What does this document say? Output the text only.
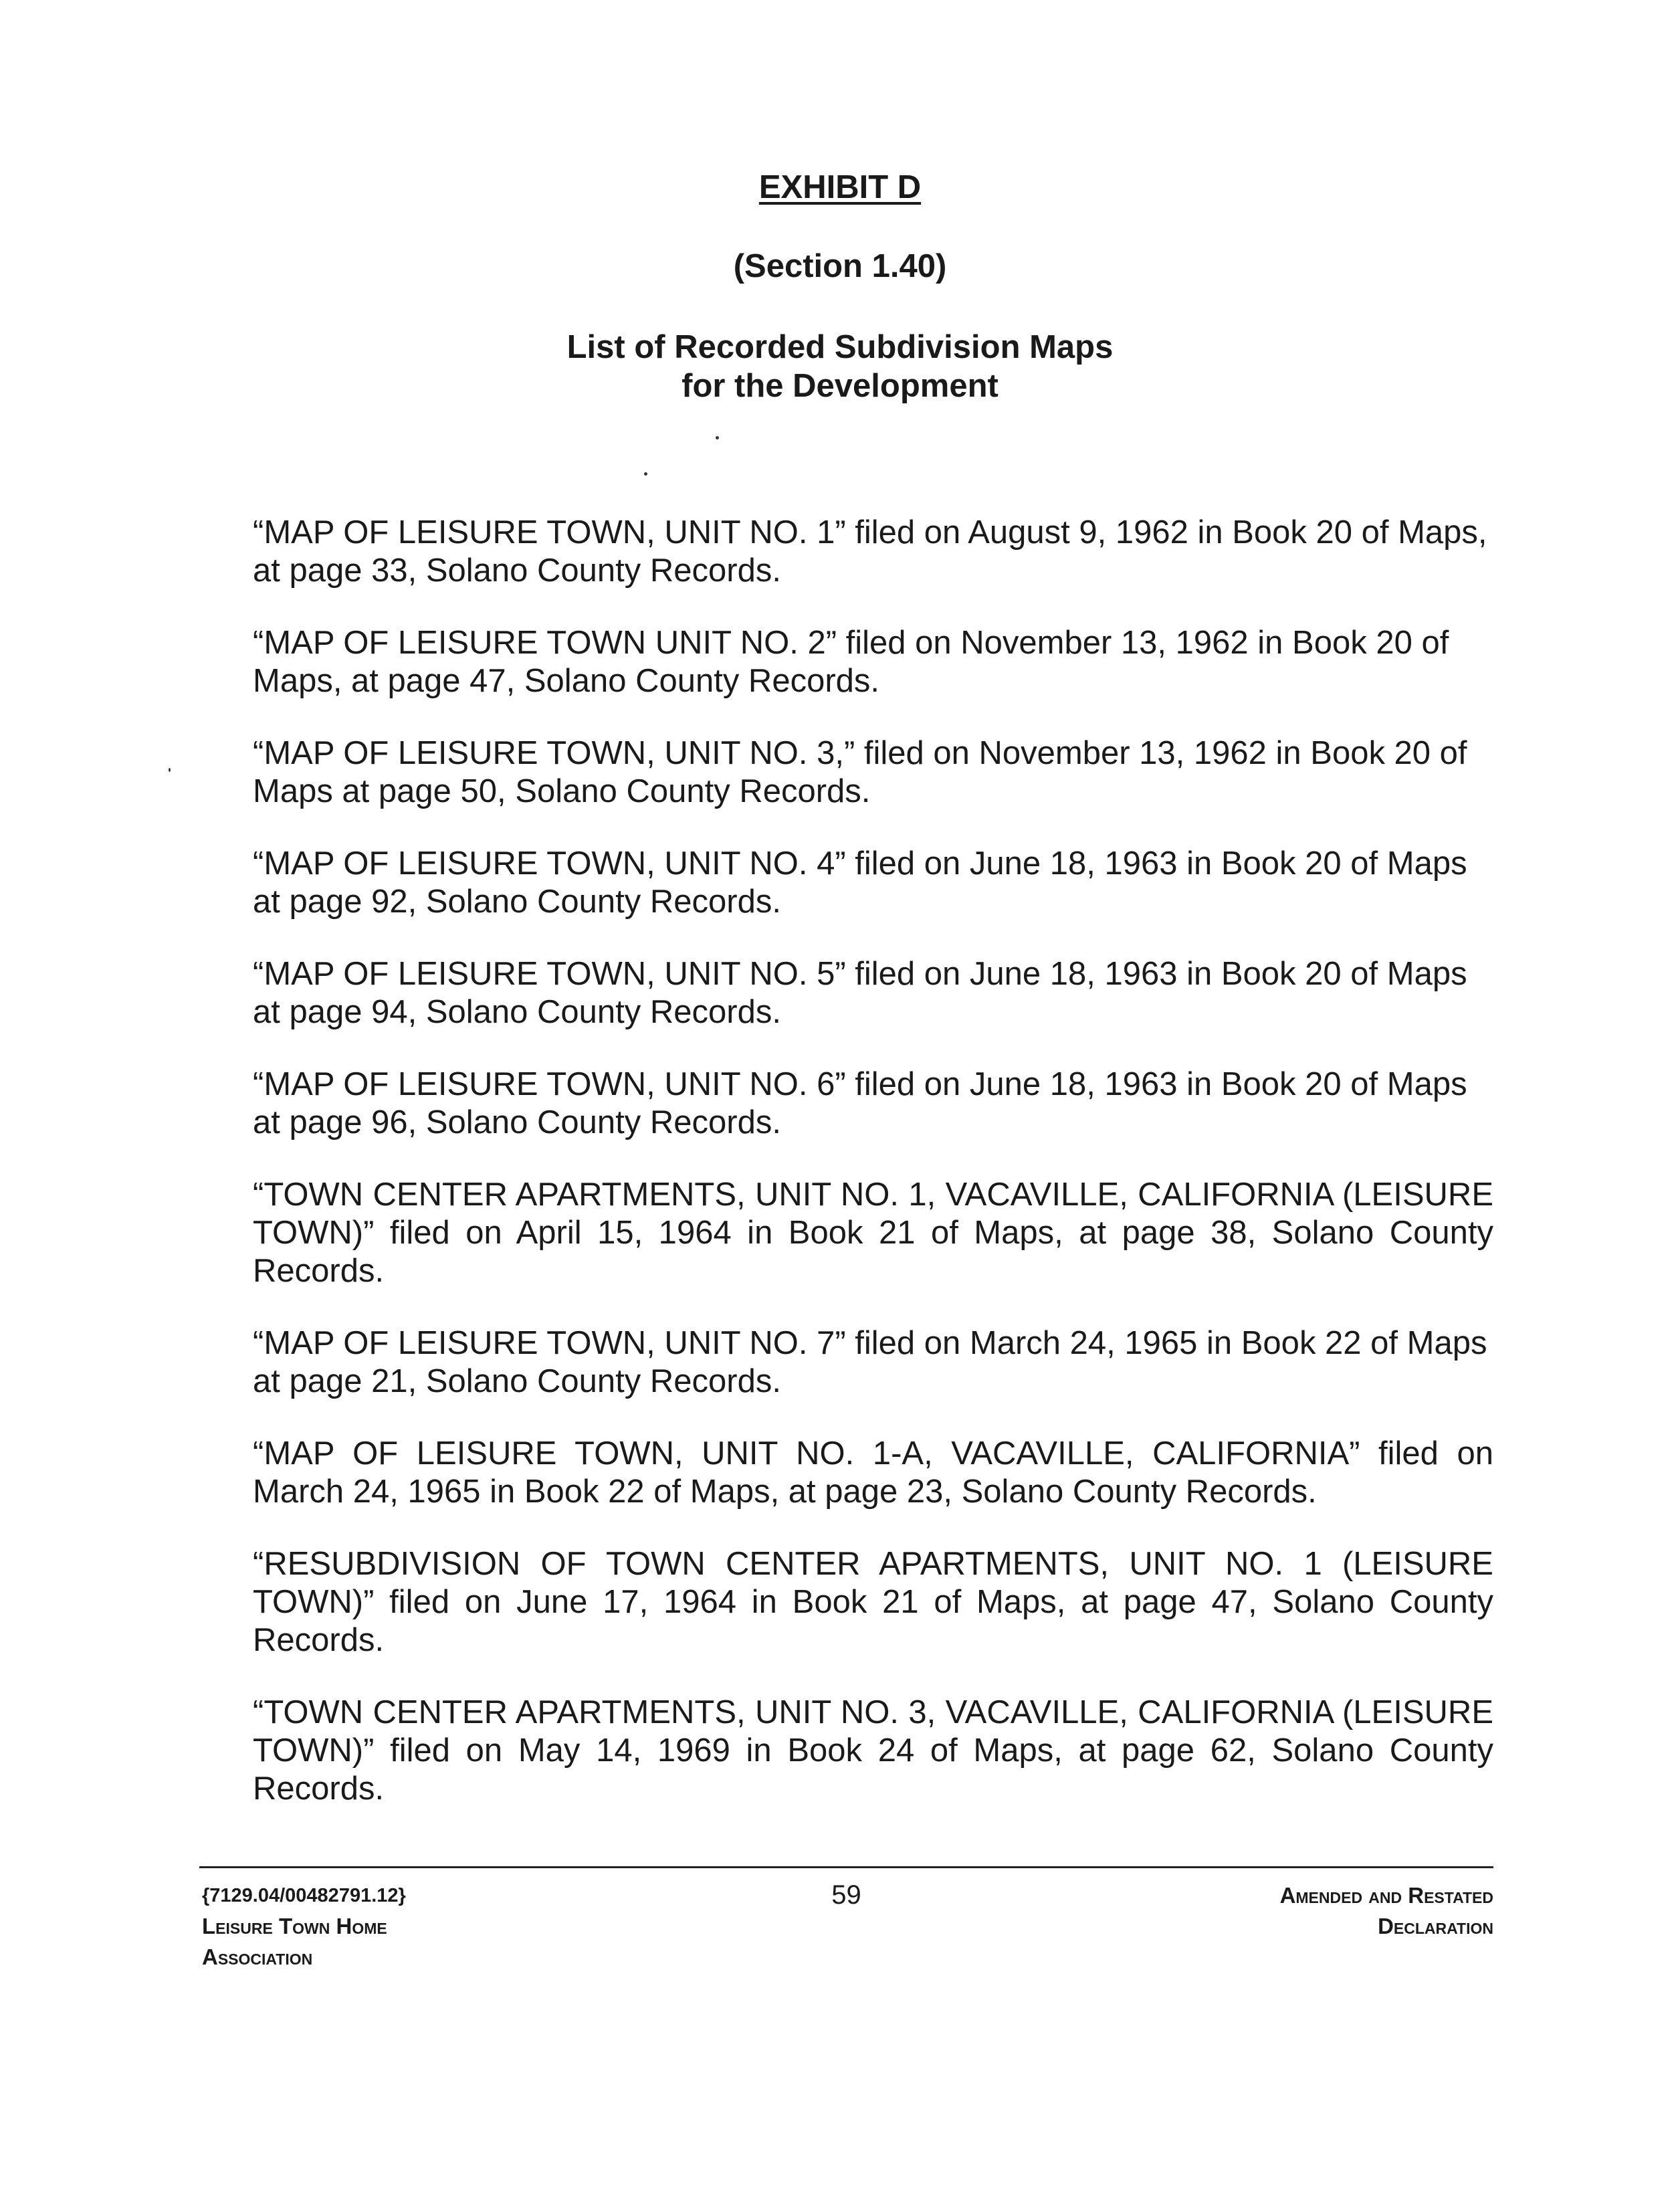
EXHIBIT D
(Section 1.40)
List of Recorded Subdivision Maps
for the Development

“MAP OF LEISURE TOWN, UNIT NO. 1” filed on August 9, 1962 in Book 20 of Maps, at page 33, Solano County Records.

“MAP OF LEISURE TOWN UNIT NO. 2” filed on November 13, 1962 in Book 20 of Maps, at page 47, Solano County Records.

“MAP OF LEISURE TOWN, UNIT NO. 3,” filed on November 13, 1962 in Book 20 of Maps at page 50, Solano County Records.

“MAP OF LEISURE TOWN, UNIT NO. 4” filed on June 18, 1963 in Book 20 of Maps at page 92, Solano County Records.

“MAP OF LEISURE TOWN, UNIT NO. 5” filed on June 18, 1963 in Book 20 of Maps at page 94, Solano County Records.

“MAP OF LEISURE TOWN, UNIT NO. 6” filed on June 18, 1963 in Book 20 of Maps at page 96, Solano County Records.

“TOWN CENTER APARTMENTS, UNIT NO. 1, VACAVILLE, CALIFORNIA (LEISURE TOWN)” filed on April 15, 1964 in Book 21 of Maps, at page 38, Solano County Records.

“MAP OF LEISURE TOWN, UNIT NO. 7” filed on March 24, 1965 in Book 22 of Maps at page 21, Solano County Records.

“MAP OF LEISURE TOWN, UNIT NO. 1-A, VACAVILLE, CALIFORNIA” filed on March 24, 1965 in Book 22 of Maps, at page 23, Solano County Records.

“RESUBDIVISION OF TOWN CENTER APARTMENTS, UNIT NO. 1 (LEISURE TOWN)” filed on June 17, 1964 in Book 21 of Maps, at page 47, Solano County Records.

“TOWN CENTER APARTMENTS, UNIT NO. 3, VACAVILLE, CALIFORNIA (LEISURE TOWN)” filed on May 14, 1969 in Book 24 of Maps, at page 62, Solano County Records.

{7129.04/00482791.12}
Leisure Town Home
Association
59	Amended and Restated
Declaration
